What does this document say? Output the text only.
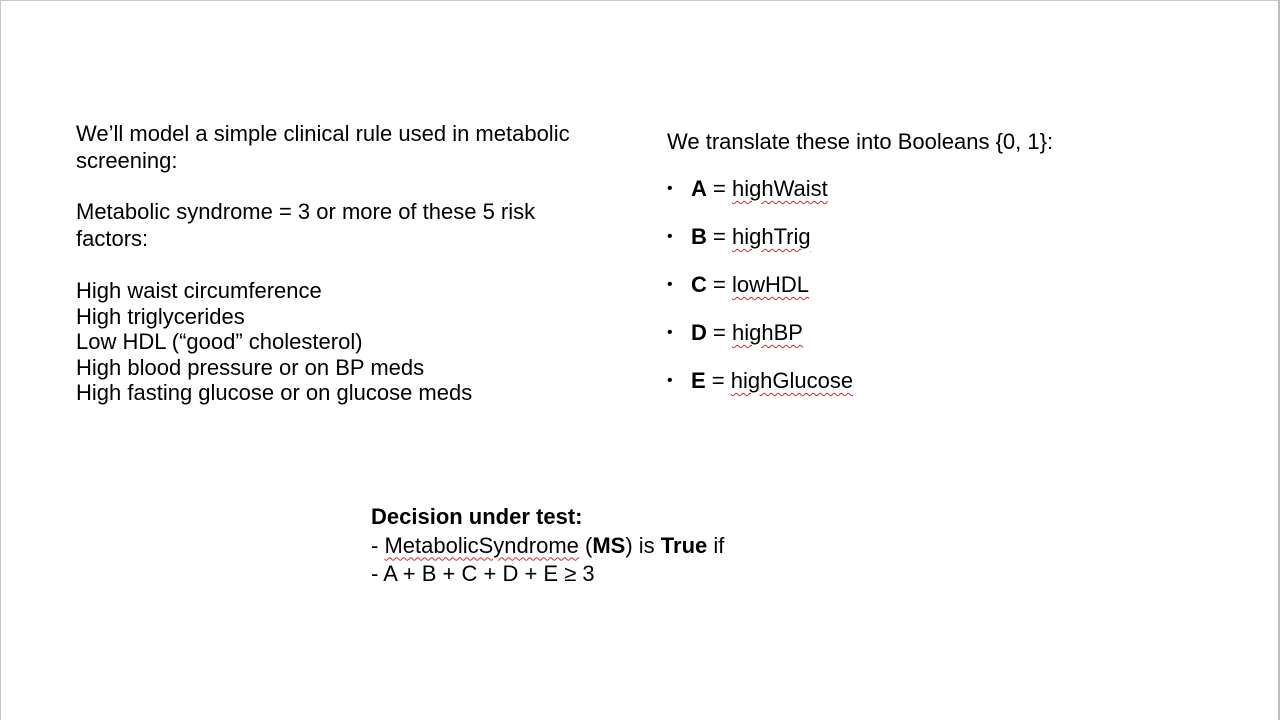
We’ll model a simple clinical rule used in metabolic screening:

Metabolic syndrome = 3 or more of these 5 risk factors:

High waist circumference
High triglycerides
Low HDL (“good” cholesterol)
High blood pressure or on BP meds
High fasting glucose or on glucose meds

We translate these into Booleans {0, 1}:

• A = highWaist
• B = highTrig
• C = lowHDL
• D = highBP
• E = highGlucose
Decision under test:
- MetabolicSyndrome (MS) is True if
- A + B + C + D + E ≥ 3
